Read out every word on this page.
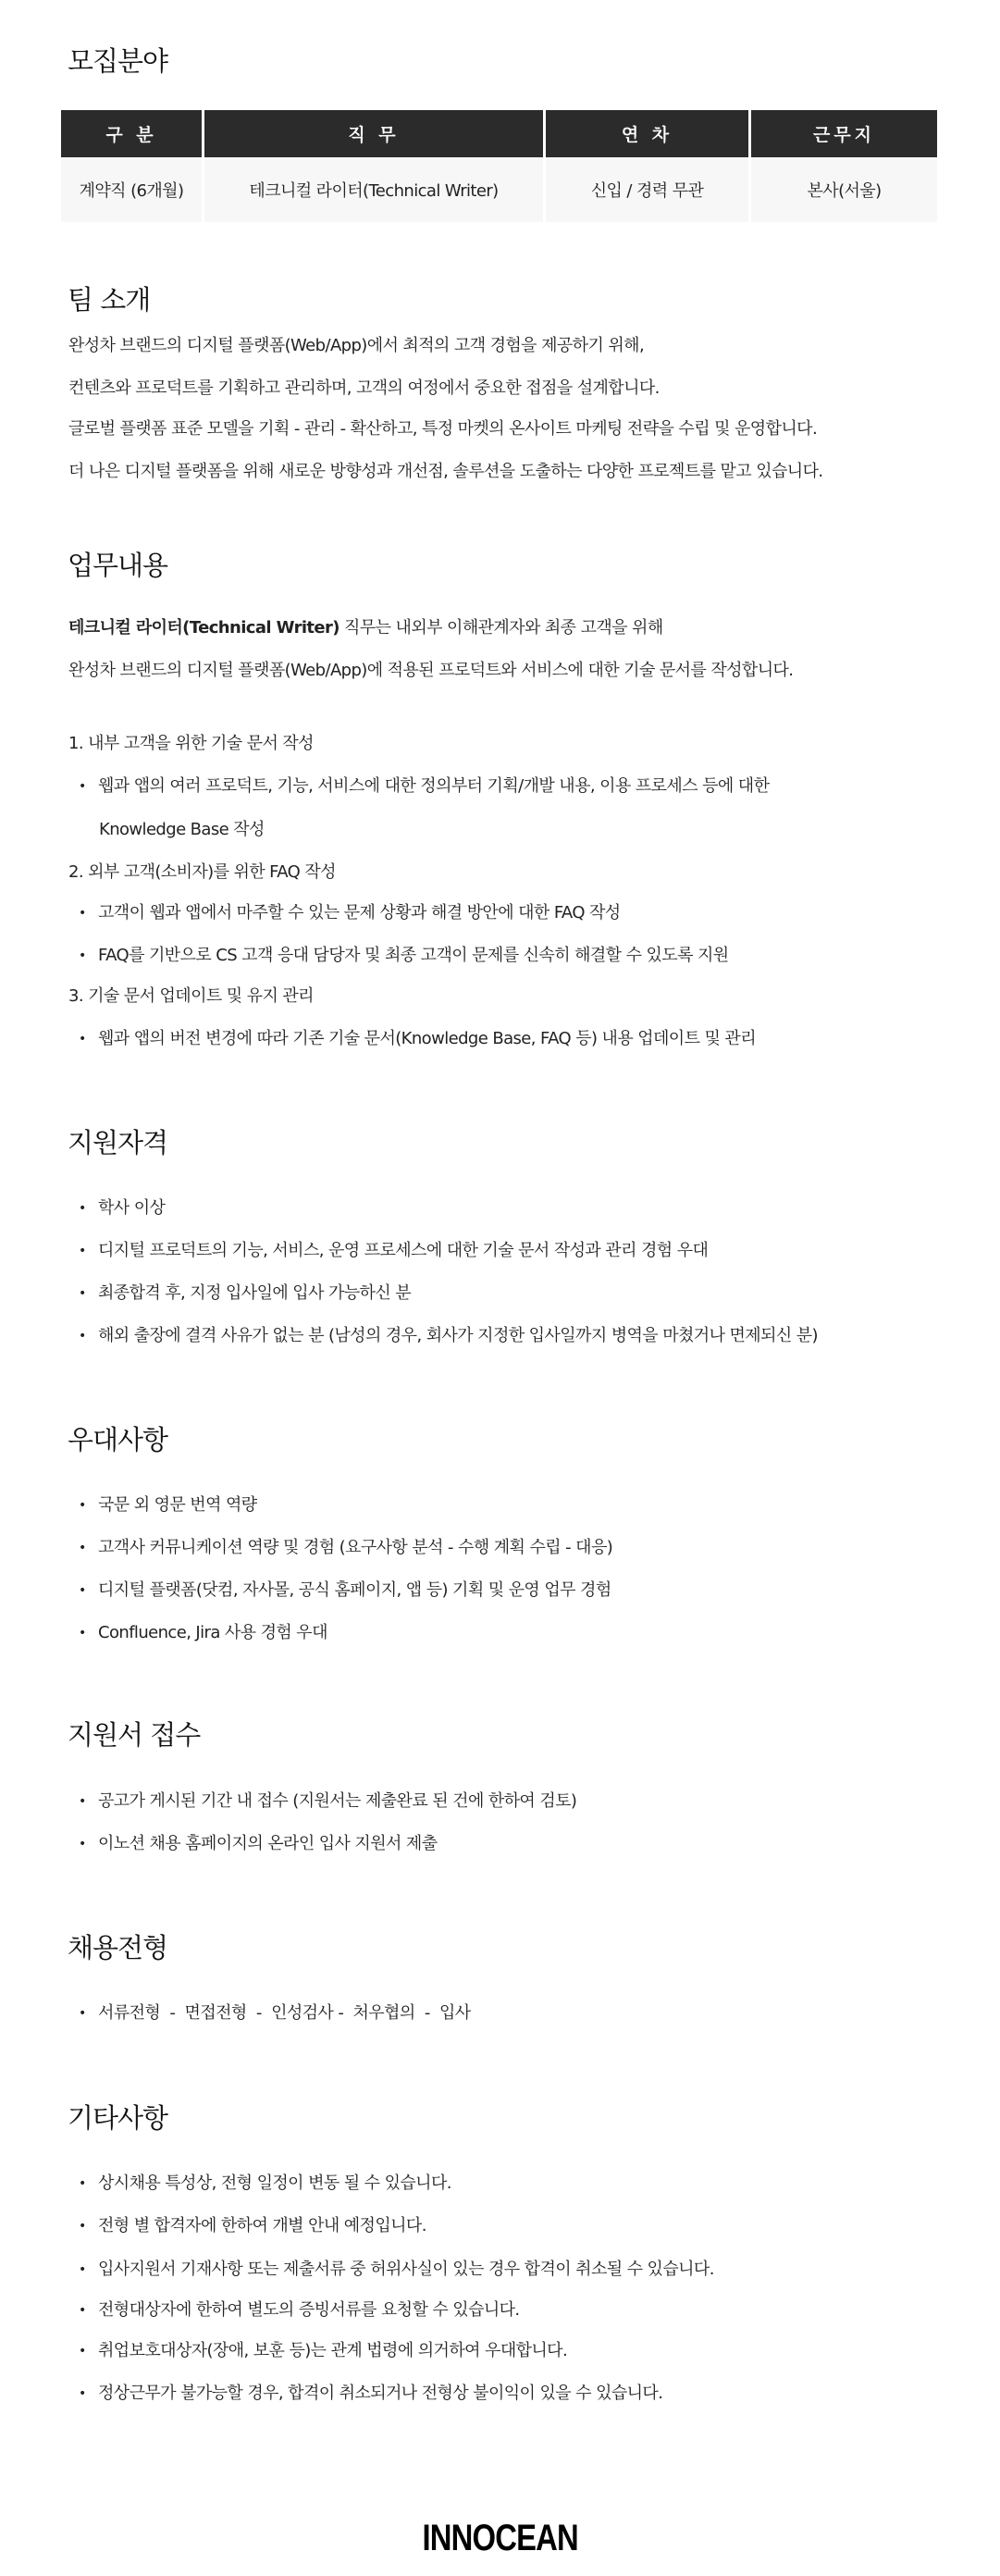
모집분야
구 분	직 무	연 차	근무지
계약직 (6개월)	테크니컬 라이터(Technical Writer)	신입 / 경력 무관	본사(서울)
팀 소개
완성차 브랜드의 디지털 플랫폼(Web/App)에서 최적의 고객 경험을 제공하기 위해,
컨텐츠와 프로덕트를 기획하고 관리하며, 고객의 여정에서 중요한 접점을 설계합니다.
글로벌 플랫폼 표준 모델을 기획 - 관리 - 확산하고, 특정 마켓의 온사이트 마케팅 전략을 수립 및 운영합니다.
더 나은 디지털 플랫폼을 위해 새로운 방향성과 개선점, 솔루션을 도출하는 다양한 프로젝트를 맡고 있습니다.
업무내용
테크니컬 라이터(Technical Writer) 직무는 내외부 이해관계자와 최종 고객을 위해
완성차 브랜드의 디지털 플랫폼(Web/App)에 적용된 프로덕트와 서비스에 대한 기술 문서를 작성합니다.
1. 내부 고객을 위한 기술 문서 작성
• 웹과 앱의 여러 프로덕트, 기능, 서비스에 대한 정의부터 기획/개발 내용, 이용 프로세스 등에 대한
Knowledge Base 작성
2. 외부 고객(소비자)를 위한 FAQ 작성
• 고객이 웹과 앱에서 마주할 수 있는 문제 상황과 해결 방안에 대한 FAQ 작성
• FAQ를 기반으로 CS 고객 응대 담당자 및 최종 고객이 문제를 신속히 해결할 수 있도록 지원
3. 기술 문서 업데이트 및 유지 관리
• 웹과 앱의 버전 변경에 따라 기존 기술 문서(Knowledge Base, FAQ 등) 내용 업데이트 및 관리
지원자격
• 학사 이상
• 디지털 프로덕트의 기능, 서비스, 운영 프로세스에 대한 기술 문서 작성과 관리 경험 우대
• 최종합격 후, 지정 입사일에 입사 가능하신 분
• 해외 출장에 결격 사유가 없는 분 (남성의 경우, 회사가 지정한 입사일까지 병역을 마쳤거나 면제되신 분)
우대사항
• 국문 외 영문 번역 역량
• 고객사 커뮤니케이션 역량 및 경험 (요구사항 분석 - 수행 계획 수립 - 대응)
• 디지털 플랫폼(닷컴, 자사몰, 공식 홈페이지, 앱 등) 기획 및 운영 업무 경험
• Confluence, Jira 사용 경험 우대
지원서 접수
• 공고가 게시된 기간 내 접수 (지원서는 제출완료 된 건에 한하여 검토)
• 이노션 채용 홈페이지의 온라인 입사 지원서 제출
채용전형
• 서류전형  -  면접전형  -  인성검사 -  처우협의  -  입사
기타사항
• 상시채용 특성상, 전형 일정이 변동 될 수 있습니다.
• 전형 별 합격자에 한하여 개별 안내 예정입니다.
• 입사지원서 기재사항 또는 제출서류 중 허위사실이 있는 경우 합격이 취소될 수 있습니다.
• 전형대상자에 한하여 별도의 증빙서류를 요청할 수 있습니다.
• 취업보호대상자(장애, 보훈 등)는 관계 법령에 의거하여 우대합니다.
• 정상근무가 불가능할 경우, 합격이 취소되거나 전형상 불이익이 있을 수 있습니다.
INNOCEAN
